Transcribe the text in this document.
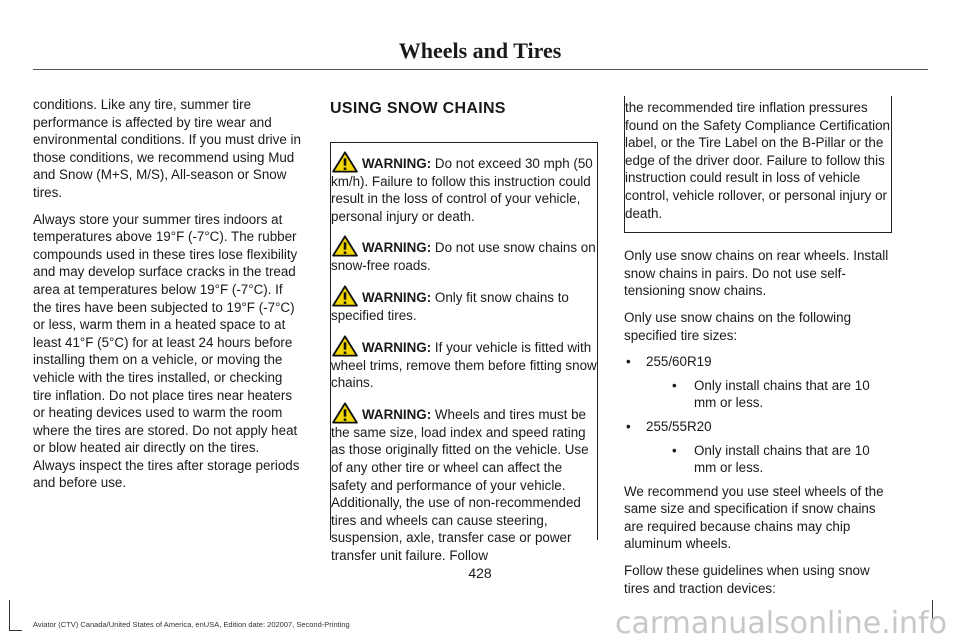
Wheels and Tires

conditions. Like any tire, summer tire performance is affected by tire wear and environmental conditions. If you must drive in those conditions, we recommend using Mud and Snow (M+S, M/S), All-season or Snow tires.

Always store your summer tires indoors at temperatures above 19°F (-7°C). The rubber compounds used in these tires lose flexibility and may develop surface cracks in the tread area at temperatures below 19°F (-7°C). If the tires have been subjected to 19°F (-7°C) or less, warm them in a heated space to at least 41°F (5°C) for at least 24 hours before installing them on a vehicle, or moving the vehicle with the tires installed, or checking tire inflation. Do not place tires near heaters or heating devices used to warm the room where the tires are stored. Do not apply heat or blow heated air directly on the tires. Always inspect the tires after storage periods and before use.

USING SNOW CHAINS

WARNING: Do not exceed 30 mph (50 km/h). Failure to follow this instruction could result in the loss of control of your vehicle, personal injury or death.

WARNING: Do not use snow chains on snow-free roads.

WARNING: Only fit snow chains to specified tires.

WARNING: If your vehicle is fitted with wheel trims, remove them before fitting snow chains.

WARNING: Wheels and tires must be the same size, load index and speed rating as those originally fitted on the vehicle. Use of any other tire or wheel can affect the safety and performance of your vehicle. Additionally, the use of non-recommended tires and wheels can cause steering, suspension, axle, transfer case or power transfer unit failure. Follow

the recommended tire inflation pressures found on the Safety Compliance Certification label, or the Tire Label on the B-Pillar or the edge of the driver door. Failure to follow this instruction could result in loss of vehicle control, vehicle rollover, or personal injury or death.

Only use snow chains on rear wheels. Install snow chains in pairs. Do not use self-tensioning snow chains.

Only use snow chains on the following specified tire sizes:

• 255/60R19
• Only install chains that are 10 mm or less.
• 255/55R20
• Only install chains that are 10 mm or less.

We recommend you use steel wheels of the same size and specification if snow chains are required because chains may chip aluminum wheels.

Follow these guidelines when using snow tires and traction devices:

428
Aviator (CTV) Canada/United States of America, enUSA, Edition date: 202007, Second-Printing	carmanualsonline.info
